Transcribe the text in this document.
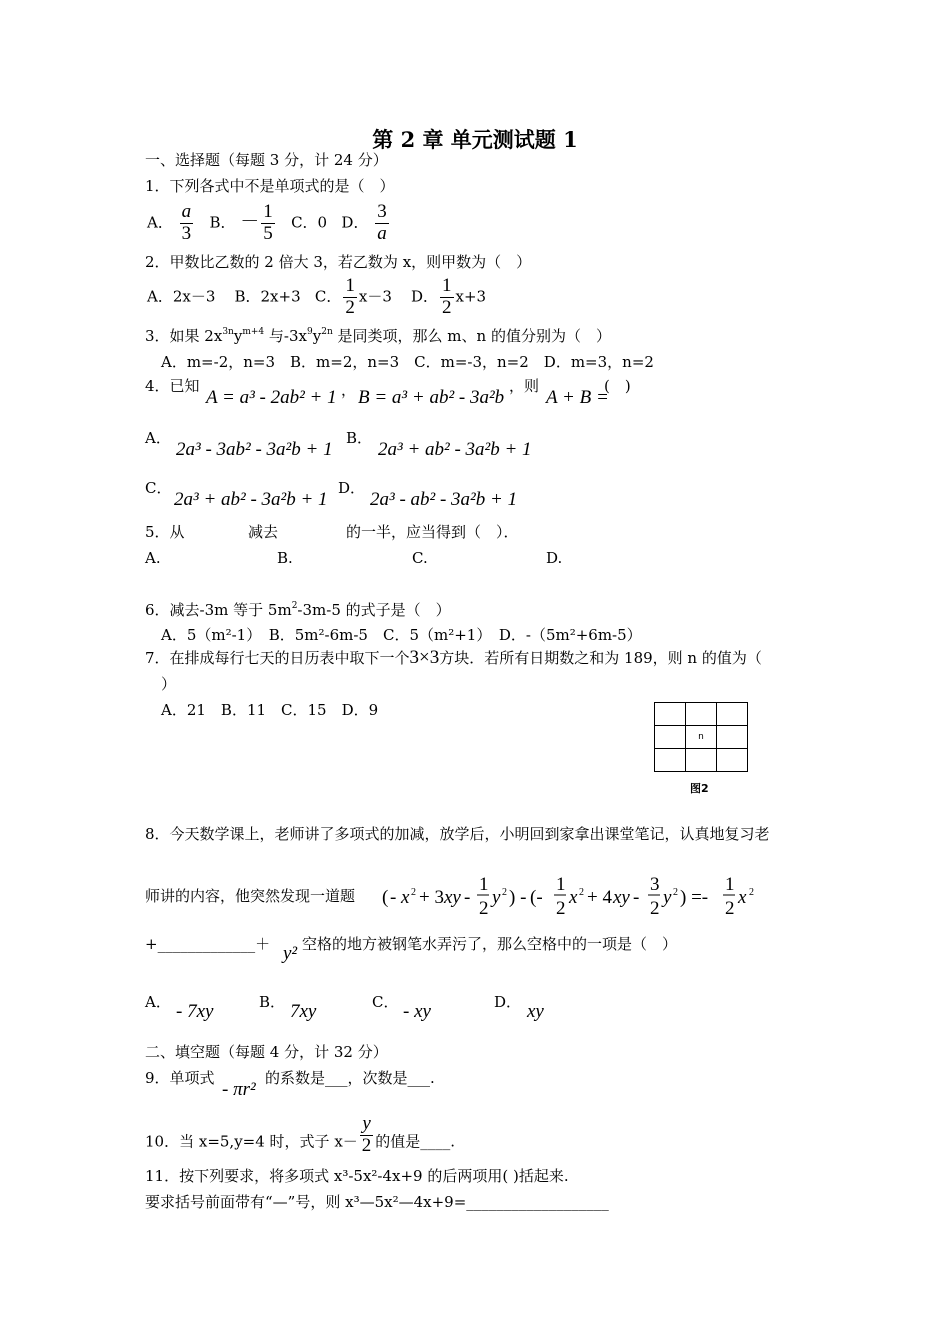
第 2 章 单元测试题 1
一、选择题（每题 3 分，计 24 分）
1．下列各式中不是单项式的是（　）
A． $\frac{a}{3}$ B． － $\frac{1}{5}$ C．0 D． $\frac{3}{a}$
2．甲数比乙数的 2 倍大 3，若乙数为 x，则甲数为（　）
A．2x－3 B．2x+3 C． $\frac{1}{2} x-3$ D． $\frac{1}{2} x+3$
3．如果 $2x^{3n}y^{m+4}$ 与$-3x^9y^{2n}$ 是同类项，那么 m、n 的值分别为（　）
A．m=-2，n=3　B．m=2，n=3　C．m=-3，n=2　D．m=3，n=2
4．已知
A = a³ - 2ab² + 1 ， B = a³ + ab² - 3a²b
，则
A + B =
(　)
A．
2a³ - 3ab² - 3a²b + 1
B．
2a³ + ab² - 3a²b + 1
C．
2a³ + ab² - 3a²b + 1
D．
2a³ - ab² - 3a²b + 1
5．从	减去	的一半，应当得到（　）．
A.	B.	C.	D.
6．减去-3m 等于 $5m^2-3m-5$ 的式子是（　）
A．5（m²-1）　B．5m²-6m-5　C．5（m²+1）　D．-（5m²+6m-5）
7．在排成每行七天的日历表中取下一个3×3方块．若所有日期数之和为 189，则 n 的值为（
）
A．21　B．11　C．15　D．9

	n	

图2
8．今天数学课上，老师讲了多项式的加减，放学后，小明回到家拿出课堂笔记，认真地复习老
师讲的内容，他突然发现一道题 ( - x 2 + 3 xy -
1
2
y 2 ) - (-
1
2
x 2 + 4 xy -
3
2
y 2 ) =-
1
2
x 2
+_____________＋ y² 空格的地方被钢笔水弄污了，那么空格中的一项是（　）
A． - 7xy	B． 7xy	C． - xy	D． xy
二、填空题（每题 4 分，计 32 分）
9．单项式
- πr²
的系数是___，次数是___.
10．当 x=5,y=4 时，式子 $x- \frac{y}{2}$ 的值是____.
11．按下列要求，将多项式 x³-5x²-4x+9 的后两项用( )括起来.
要求括号前面带有“—”号，则 x³—5x²—4x+9=___________________
